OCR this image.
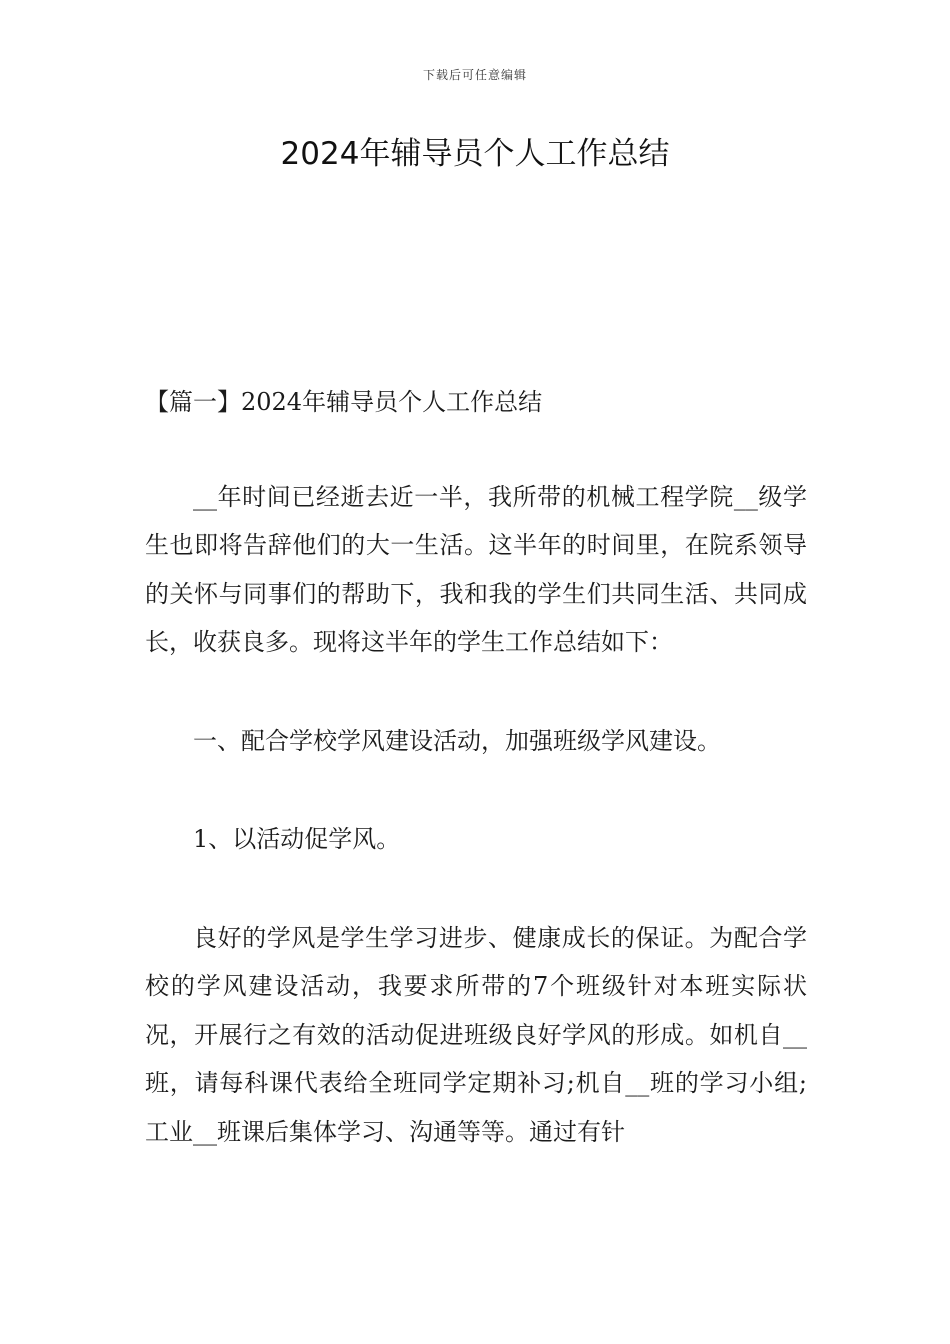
下载后可任意编辑
2024年辅导员个人工作总结

【篇一】2024年辅导员个人工作总结

__年时间已经逝去近一半，我所带的机械工程学院__级学生也即将告辞他们的大一生活。这半年的时间里，在院系领导的关怀与同事们的帮助下，我和我的学生们共同生活、共同成长，收获良多。现将这半年的学生工作总结如下：

一、配合学校学风建设活动，加强班级学风建设。

1、以活动促学风。

良好的学风是学生学习进步、健康成长的保证。为配合学校的学风建设活动，我要求所带的7个班级针对本班实际状况，开展行之有效的活动促进班级良好学风的形成。如机自__班，请每科课代表给全班同学定期补习;机自__班的学习小组;工业__班课后集体学习、沟通等等。通过有针
